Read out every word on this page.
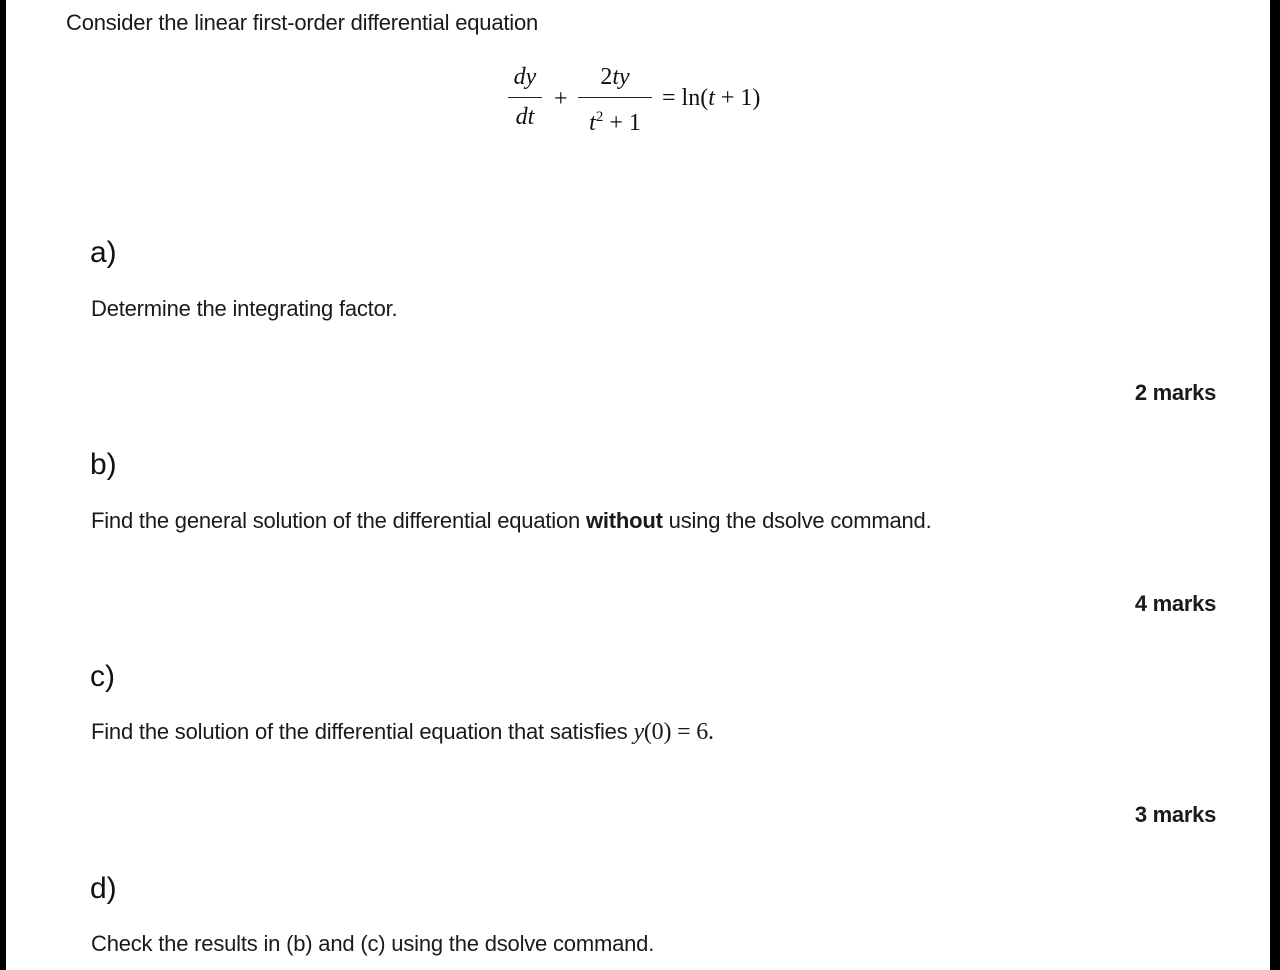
Consider the linear first-order differential equation
dy
dt
+
2ty
$t^2 + 1$
= ln(t + 1)
a)
Determine the integrating factor.
2 marks
b)
Find the general solution of the differential equation without using the dsolve command.
4 marks
c)
Find the solution of the differential equation that satisfies y(0) = 6.
3 marks
d)
Check the results in (b) and (c) using the dsolve command.
